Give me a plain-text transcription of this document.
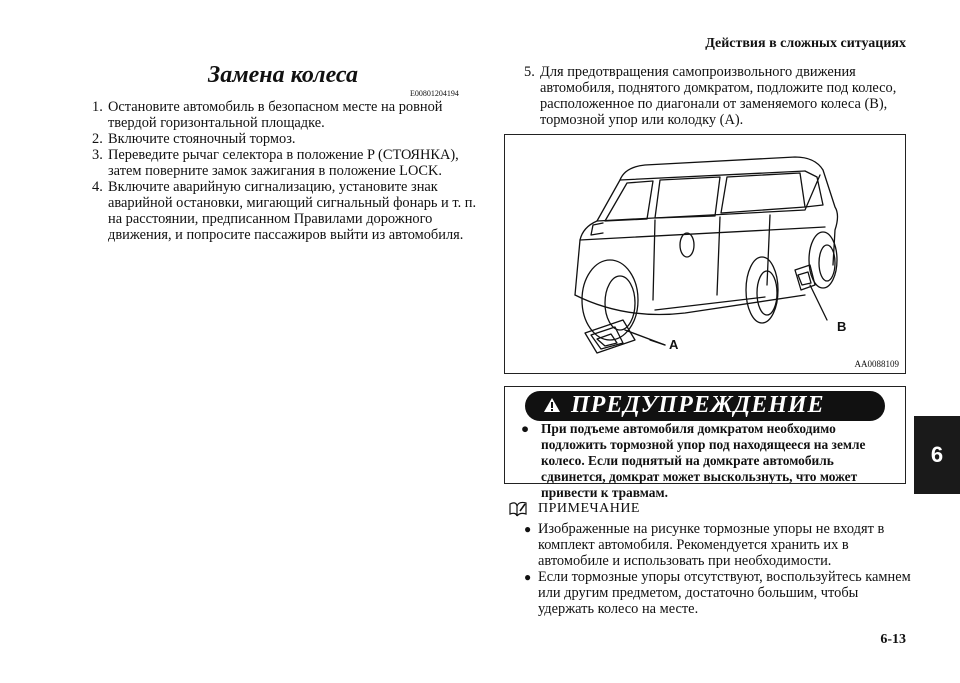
Действия в сложных ситуациях
Замена колеса
E00801204194
1. Остановите автомобиль в безопасном месте на ровной твердой горизонтальной площадке.
2. Включите стояночный тормоз.
3. Переведите рычаг селектора в положение P (СТОЯНКА), затем поверните замок зажигания в положение LOCK.
4. Включите аварийную сигнализацию, установите знак аварийной остановки, мигающий сигнальный фонарь и т. п. на расстоянии, предписанном Правилами дорожного движения, и попросите пассажиров выйти из автомобиля.
5. Для предотвращения самопроизвольного движения автомобиля, поднятого домкратом, подложите под колесо, расположенное по диагонали от заменяемого колеса (B), тормозной упор или колодку (A).
A
B
AA0088109
ПРЕДУПРЕЖДЕНИЕ
● При подъеме автомобиля домкратом необходимо подложить тормозной упор под находящееся на земле колесо. Если поднятый на домкрате автомобиль сдвинется, домкрат может выскользнуть, что может привести к травмам.
ПРИМЕЧАНИЕ
● Изображенные на рисунке тормозные упоры не входят в комплект автомобиля. Рекомендуется хранить их в автомобиле и использовать при необходимости.
● Если тормозные упоры отсутствуют, воспользуйтесь камнем или другим предметом, достаточно большим, чтобы удержать колесо на месте.
6
6-13
